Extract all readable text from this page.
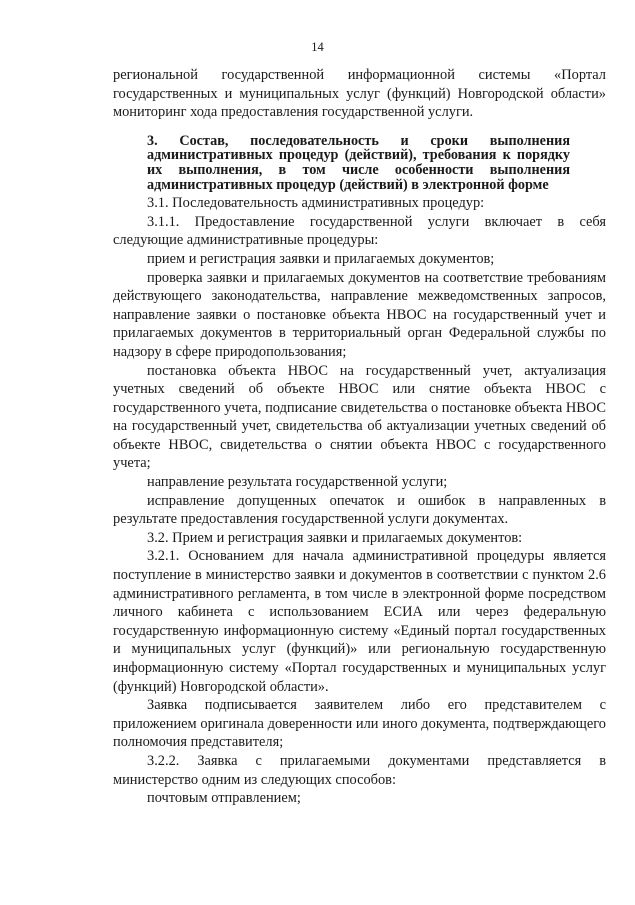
14

региональной государственной информационной системы «Портал

государственных и муниципальных услуг (функций) Новгородской области»

мониторинг хода предоставления государственной услуги.

3. Состав, последовательность и сроки выполнения административных процедур (действий), требования к порядку их выполнения, в том числе особенности выполнения административных процедур (действий) в электронной форме

3.1. Последовательность административных процедур:

3.1.1. Предоставление государственной услуги включает в себя следующие административные процедуры:

прием и регистрация заявки и прилагаемых документов;

проверка заявки и прилагаемых документов на соответствие требованиям действующего законодательства, направление межведомственных запросов, направление заявки о постановке объекта НВОС на государственный учет и прилагаемых документов в территориальный орган Федеральной службы по надзору в сфере природопользования;

постановка объекта НВОС на государственный учет, актуализация учетных сведений об объекте НВОС или снятие объекта НВОС с государственного учета, подписание свидетельства о постановке объекта НВОС на государственный учет, свидетельства об актуализации учетных сведений об объекте НВОС, свидетельства о снятии объекта НВОС с государственного учета;

направление результата государственной услуги;

исправление допущенных опечаток и ошибок в направленных в результате предоставления государственной услуги документах.

3.2. Прием и регистрация заявки и прилагаемых документов:

3.2.1. Основанием для начала административной процедуры является поступление в министерство заявки и документов в соответствии с пунктом 2.6 административного регламента, в том числе в электронной форме посредством личного кабинета с использованием ЕСИА или через федеральную государственную информационную систему «Единый портал государственных и муниципальных услуг (функций)» или региональную государственную информационную систему «Портал государственных и муниципальных услуг (функций) Новгородской области».

Заявка подписывается заявителем либо его представителем с приложением оригинала доверенности или иного документа, подтверждающего полномочия представителя;

3.2.2. Заявка с прилагаемыми документами представляется в министерство одним из следующих способов:

почтовым отправлением;
